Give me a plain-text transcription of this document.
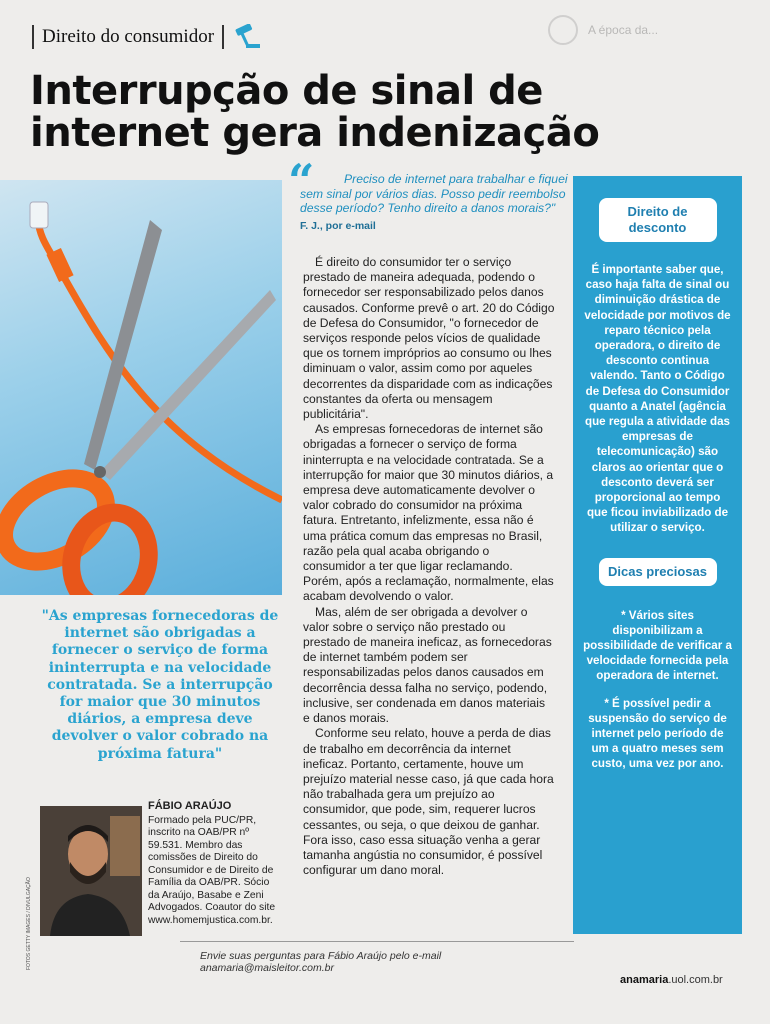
Direito do consumidor	A época da...
Interrupção de sinal de internet gera indenização
“	Preciso de internet para trabalhar e fiquei sem sinal por vários dias. Posso pedir reembolso desse período? Tenho direito a danos morais?"

F. J., por e-mail

É direito do consumidor ter o serviço prestado de maneira adequada, podendo o fornecedor ser responsabilizado pelos danos causados. Conforme prevê o art. 20 do Código de Defesa do Consumidor, "o fornecedor de serviços responde pelos vícios de qualidade que os tornem impróprios ao consumo ou lhes diminuam o valor, assim como por aqueles decorrentes da disparidade com as indicações constantes da oferta ou mensagem publicitária".

As empresas fornecedoras de internet são obrigadas a fornecer o serviço de forma ininterrupta e na velocidade contratada. Se a interrupção for maior que 30 minutos diários, a empresa deve automaticamente devolver o valor cobrado do consumidor na próxima fatura. Entretanto, infelizmente, essa não é uma prática comum das empresas no Brasil, razão pela qual acaba obrigando o consumidor a ter que ligar reclamando. Porém, após a reclamação, normalmente, elas acabam devolvendo o valor.

Mas, além de ser obrigada a devolver o valor sobre o serviço não prestado ou prestado de maneira ineficaz, as fornecedoras de internet também podem ser responsabilizadas pelos danos causados em decorrência dessa falha no serviço, podendo, inclusive, ser condenada em danos materiais e danos morais.

Conforme seu relato, houve a perda de dias de trabalho em decorrência da internet ineficaz. Portanto, certamente, houve um prejuízo material nesse caso, já que cada hora não trabalhada gera um prejuízo ao consumidor, que pode, sim, requerer lucros cessantes, ou seja, o que deixou de ganhar. Fora isso, caso essa situação venha a gerar tamanha angústia no consumidor, é possível configurar um dano moral.

Direito de desconto

É importante saber que, caso haja falta de sinal ou diminuição drástica de velocidade por motivos de reparo técnico pela operadora, o direito de desconto continua valendo. Tanto o Código de Defesa do Consumidor quanto a Anatel (agência que regula a atividade das empresas de telecomunicação) são claros ao orientar que o desconto deverá ser proporcional ao tempo que ficou inviabilizado de utilizar o serviço.

Dicas preciosas

* Vários sites disponibilizam a possibilidade de verificar a velocidade fornecida pela operadora de internet.

* É possível pedir a suspensão do serviço de internet pelo período de um a quatro meses sem custo, uma vez por ano.

"As empresas fornecedoras de internet são obrigadas a fornecer o serviço de forma ininterrupta e na velocidade contratada. Se a interrupção for maior que 30 minutos diários, a empresa deve devolver o valor cobrado na próxima fatura"
FOTOS GETTY IMAGES / DIVULGAÇÃO
FÁBIO ARAÚJO
Formado pela PUC/PR, inscrito na OAB/PR nº 59.531. Membro das comissões de Direito do Consumidor e de Direito de Família da OAB/PR. Sócio da Araújo, Basabe e Zeni Advogados. Coautor do site www.homemjustica.com.br.
Envie suas perguntas para Fábio Araújo pelo e-mail anamaria@maisleitor.com.br
anamaria.uol.com.br
